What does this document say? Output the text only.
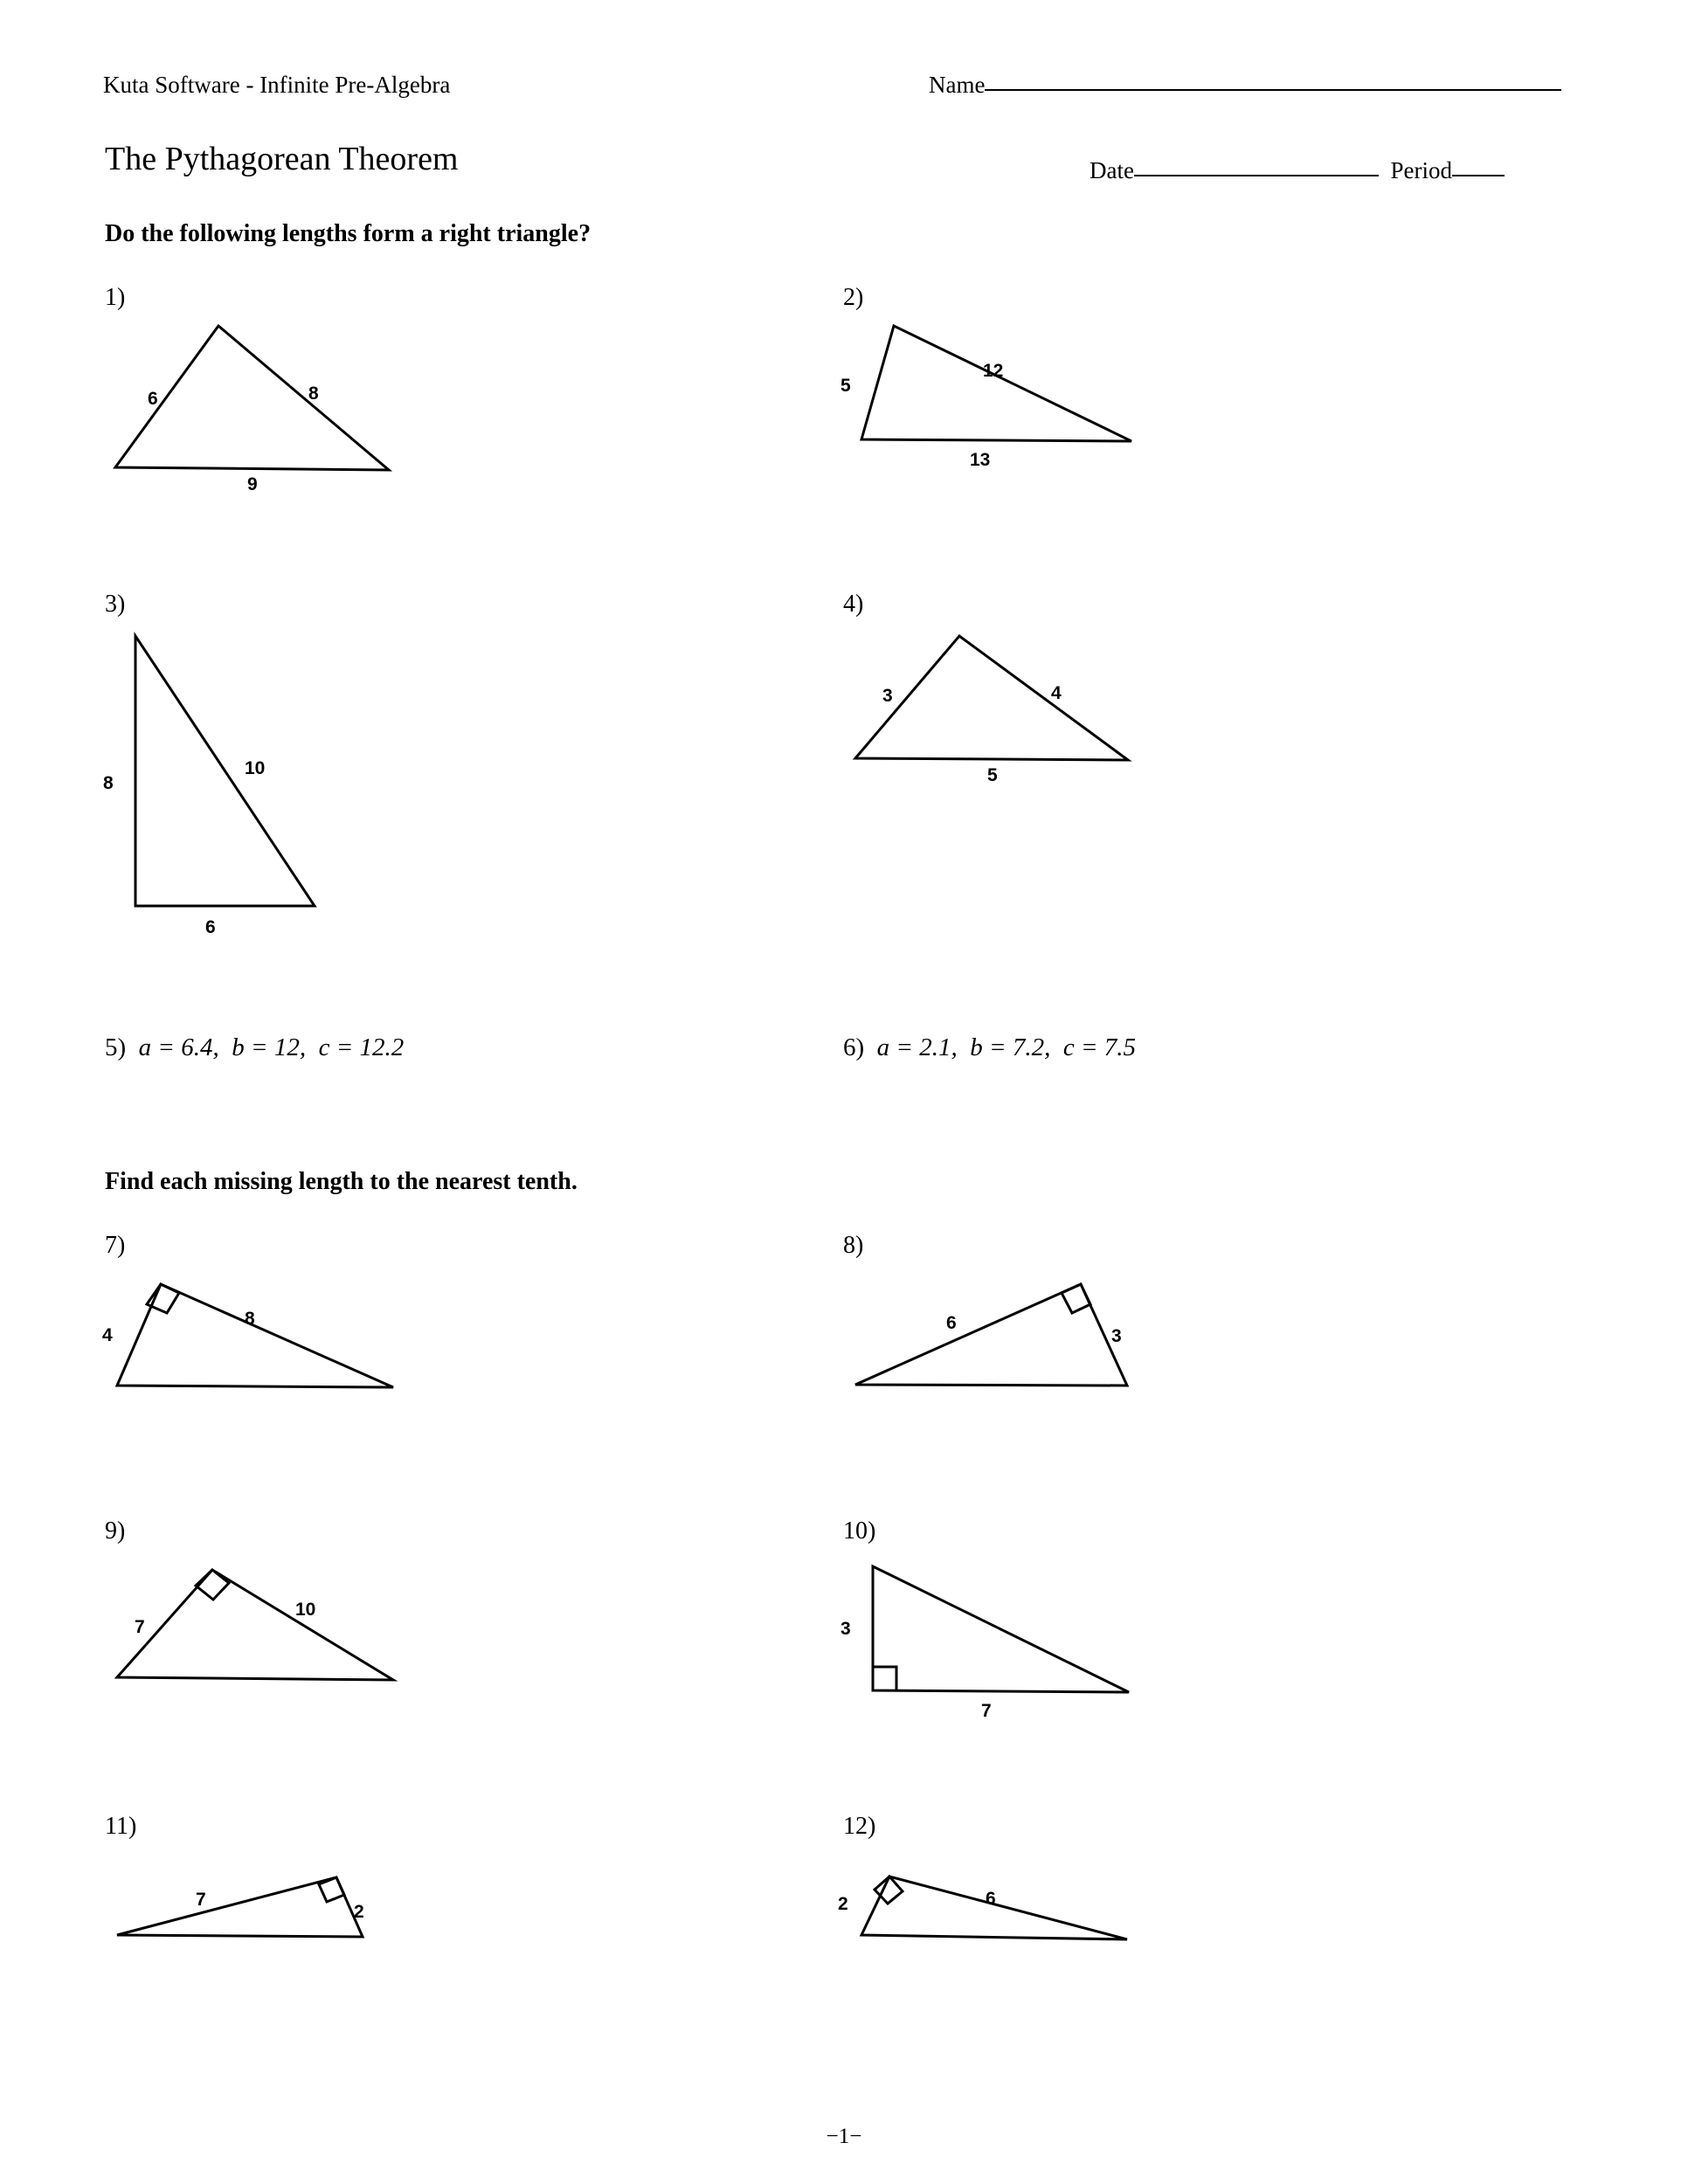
Kuta Software - Infinite Pre-Algebra	Name
The Pythagorean Theorem	Date	Period
Do the following lengths form a right triangle?
1)
6	8
9
2)
5
12
13
3)
8
10
6
4)
3	4
5
5) a = 6.4, b = 12, c = 12.2	6) a = 2.1, b = 7.2, c = 7.5
Find each missing length to the nearest tenth.
7)
4
8
8)
6
3
9)
7
10
10)
3
7
11)
7
2
12)
2	6
−1−
